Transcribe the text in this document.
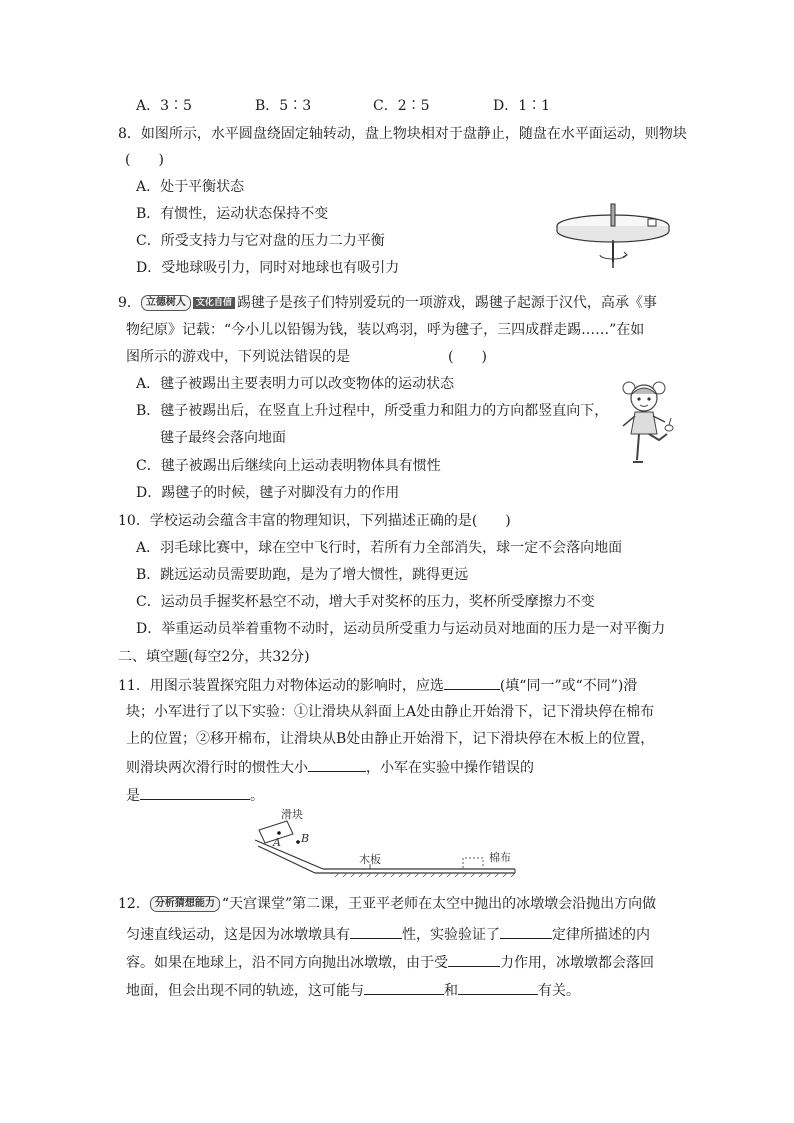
A．3∶5	B．5∶3	C．2∶5	D．1∶1
8．如图所示，水平圆盘绕固定轴转动，盘上物块相对于盘静止，随盘在水平面运动，则物块
(　　)
A．处于平衡状态
B．有惯性，运动状态保持不变
C．所受支持力与它对盘的压力二力平衡
D．受地球吸引力，同时对地球也有吸引力
9． 立德树人 文化自信 踢毽子是孩子们特别爱玩的一项游戏，踢毽子起源于汉代，高承《事
物纪原》记载：“今小儿以铅锡为钱，装以鸡羽，呼为毽子，三四成群走踢……”在如
图所示的游戏中，下列说法错误的是	(　　)
A．毽子被踢出主要表明力可以改变物体的运动状态
B．毽子被踢出后，在竖直上升过程中，所受重力和阻力的方向都竖直向下，
毽子最终会落向地面
C．毽子被踢出后继续向上运动表明物体具有惯性
D．踢毽子的时候，毽子对脚没有力的作用
10．学校运动会蕴含丰富的物理知识，下列描述正确的是(　　)
A．羽毛球比赛中，球在空中飞行时，若所有力全部消失，球一定不会落向地面
B．跳远运动员需要助跑，是为了增大惯性，跳得更远
C．运动员手握奖杯悬空不动，增大手对奖杯的压力，奖杯所受摩擦力不变
D．举重运动员举着重物不动时，运动员所受重力与运动员对地面的压力是一对平衡力
二、填空题(每空2分，共32分)
11．用图示装置探究阻力对物体运动的影响时，应选	(填“同一”或“不同”)滑
块；小军进行了以下实验：①让滑块从斜面上A处由静止开始滑下，记下滑块停在棉布
上的位置；②移开棉布，让滑块从B处由静止开始滑下，记下滑块停在木板上的位置，
则滑块两次滑行时的惯性大小	，小军在实验中操作错误的
是	。
滑块
A B
木板	棉布
12． 分析猜想能力 “天宫课堂”第二课，王亚平老师在太空中抛出的冰墩墩会沿抛出方向做
匀速直线运动，这是因为冰墩墩具有	性，实验验证了	定律所描述的内
容。如果在地球上，沿不同方向抛出冰墩墩，由于受	力作用，冰墩墩都会落回
地面，但会出现不同的轨迹，这可能与	和	有关。
